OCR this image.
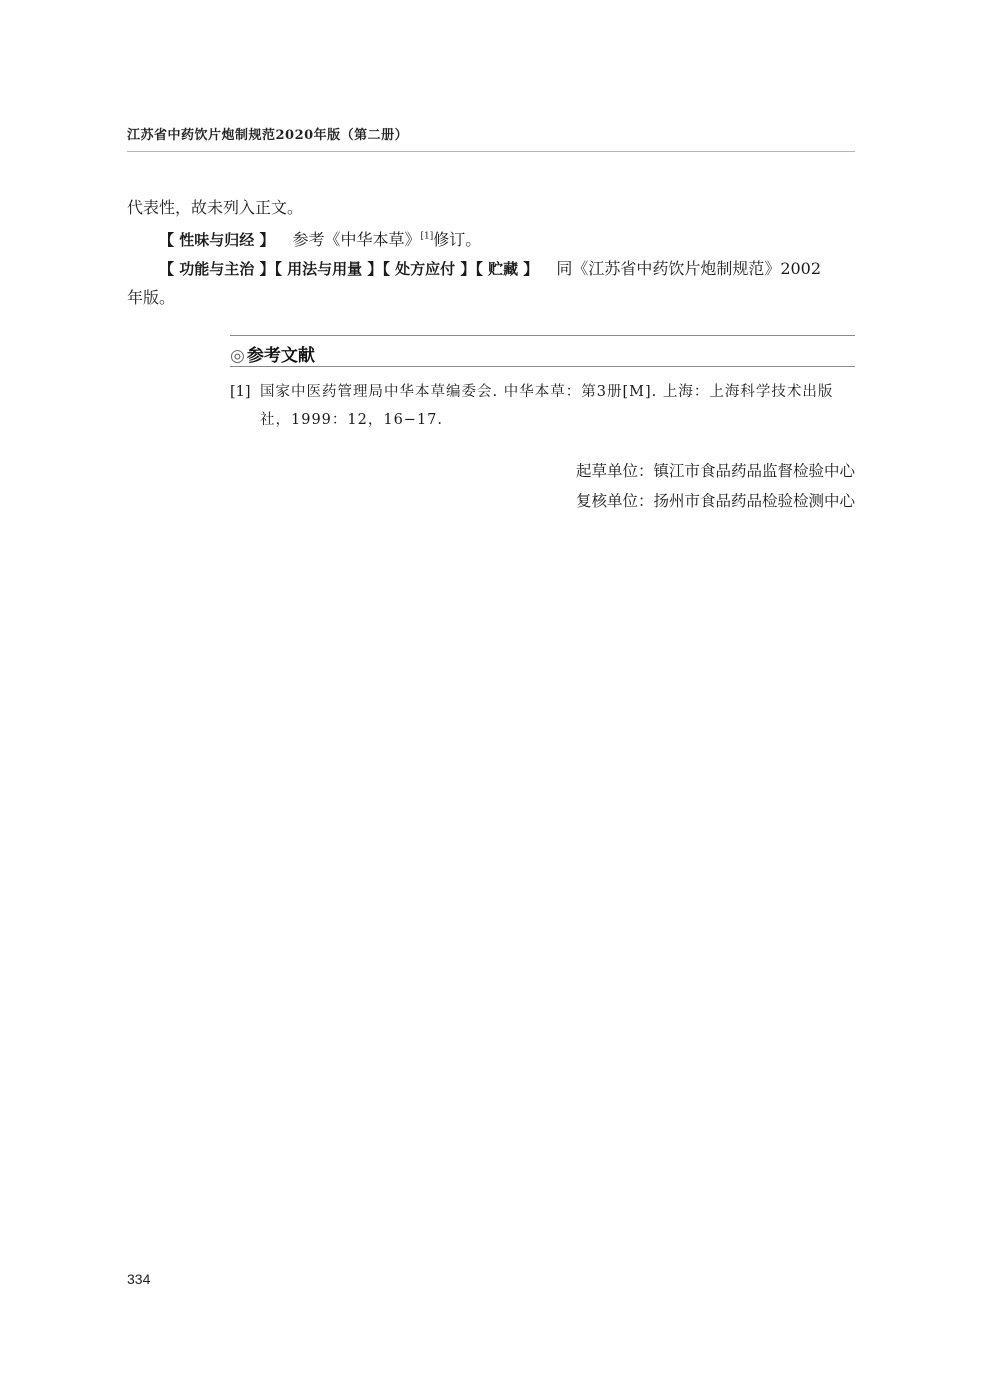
江苏省中药饮片炮制规范2020年版（第二册）
代表性，故未列入正文。
【 性味与归经 】 参考《中华本草》[1]修订。
【 功能与主治 】【 用法与用量 】【 处方应付 】【 贮藏 】 同《江苏省中药饮片炮制规范》2002
年版。
◎ 参考文献
[1] 国家中医药管理局中华本草编委会. 中华本草：第3册[M]. 上海：上海科学技术出版社，1999：12，16−17.
起草单位：镇江市食品药品监督检验中心
复核单位：扬州市食品药品检验检测中心
334
